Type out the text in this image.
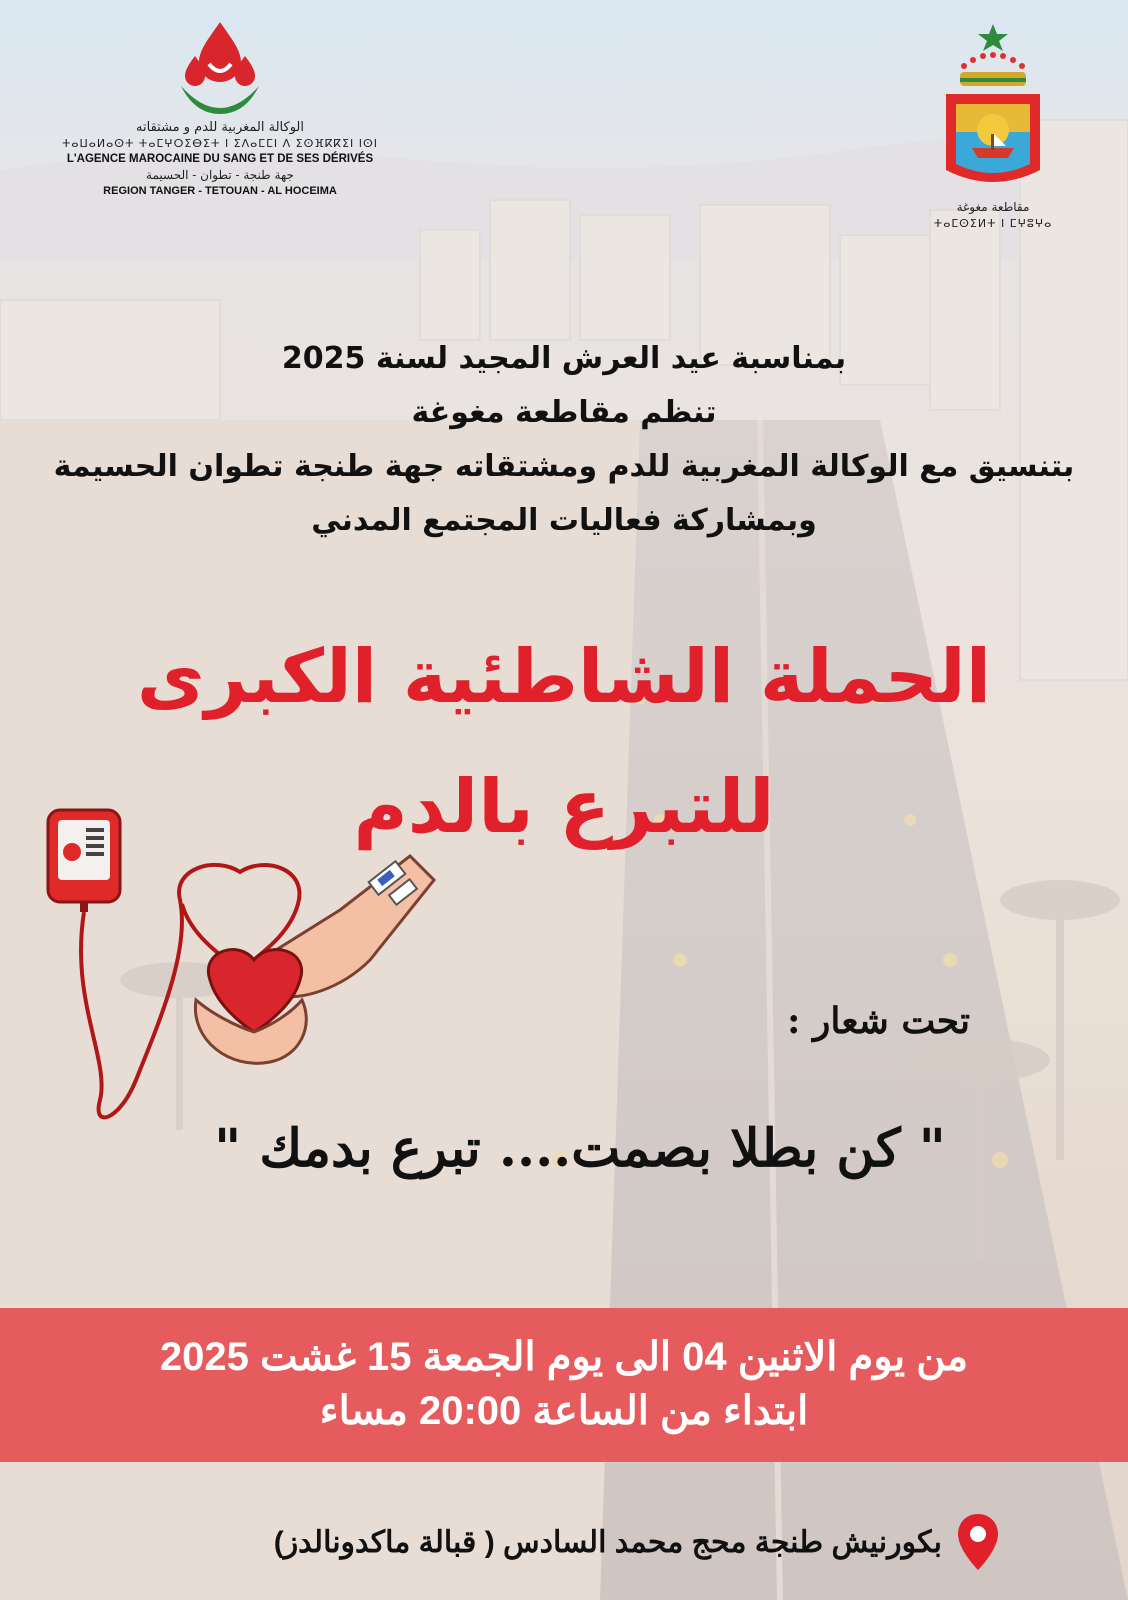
الوكالة المغربية للدم و مشتقاته
ⵜⴰⵡⴰⵍⴰⵙⵜ ⵜⴰⵎⵖⵔⵉⴱⵉⵜ ⵏ ⵉⴷⴰⵎⵎⵏ ⴷ ⵉⵙⴼⴽⴽⵉⵏ ⵏⵙⵏ
L'AGENCE MAROCAINE DU SANG ET DE SES DÉRIVÉS
جهة طنجة - تطوان - الحسيمة
REGION TANGER - TETOUAN - AL HOCEIMA
مقاطعة مغوغة
ⵜⴰⵎⵙⵉⵍⵜ ⵏ ⵎⵖⵓⵖⴰ
بمناسبة عيد العرش المجيد لسنة 2025
تنظم مقاطعة مغوغة
بتنسيق مع الوكالة المغربية للدم ومشتقاته جهة طنجة تطوان الحسيمة
وبمشاركة فعاليات المجتمع المدني
الحملة الشاطئية الكبرى
للتبرع بالدم
تحت شعار :
" كن بطلا بصمت.... تبرع بدمك "
من يوم الاثنين 04 الى يوم الجمعة 15 غشت 2025
ابتداء من الساعة 20:00 مساء
بكورنيش طنجة محج محمد السادس ( قبالة ماكدونالدز)
